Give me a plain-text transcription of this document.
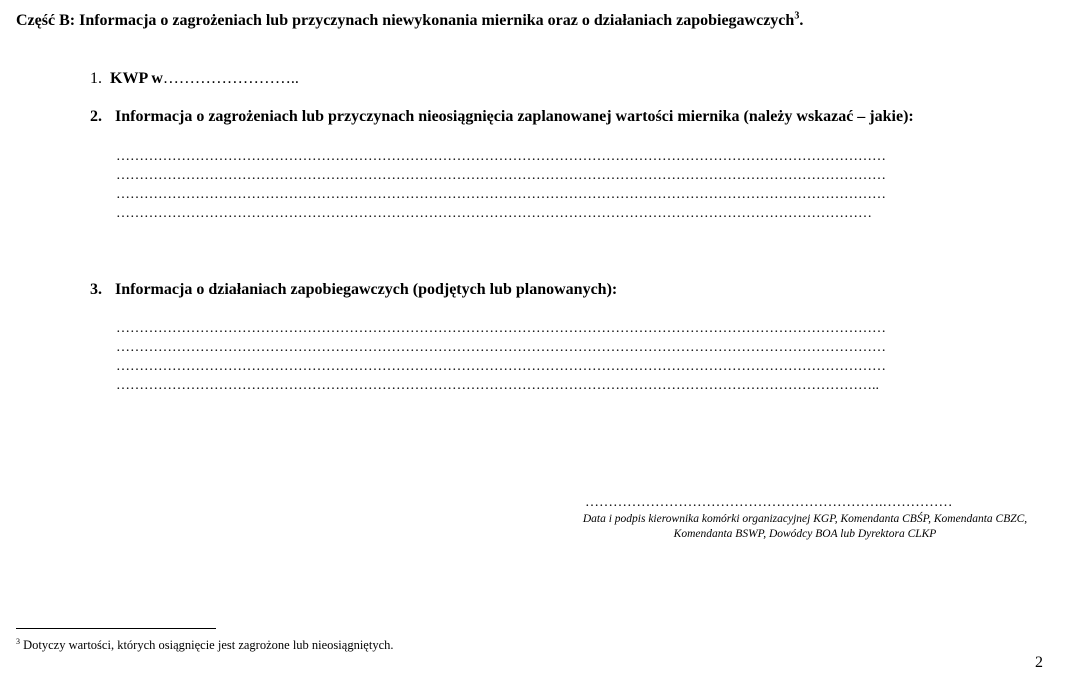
Część B: Informacja o zagrożeniach lub przyczynach niewykonania miernika oraz o działaniach zapobiegawczych$^3$.
1. KWP w……………………..
2. Informacja o zagrożeniach lub przyczynach nieosiągnięcia zaplanowanej wartości miernika (należy wskazać – jakie):
…………………………………………………………………………………………………………………………………………………
…………………………………………………………………………………………………………………………………………………
…………………………………………………………………………………………………………………………………………………
………………………………………………………………………………………………………………………………………………
3. Informacja o działaniach zapobiegawczych (podjętych lub planowanych):
…………………………………………………………………………………………………………………………………………………
…………………………………………………………………………………………………………………………………………………
…………………………………………………………………………………………………………………………………………………
………………………………………………………………………………………………………………………………………………..
……………………………………………………….……………
Data i podpis kierownika komórki organizacyjnej KGP, Komendanta CBŚP, Komendanta CBZC, Komendanta BSWP, Dowódcy BOA lub Dyrektora CLKP
$^3$ Dotyczy wartości, których osiągnięcie jest zagrożone lub nieosiągniętych.
2
